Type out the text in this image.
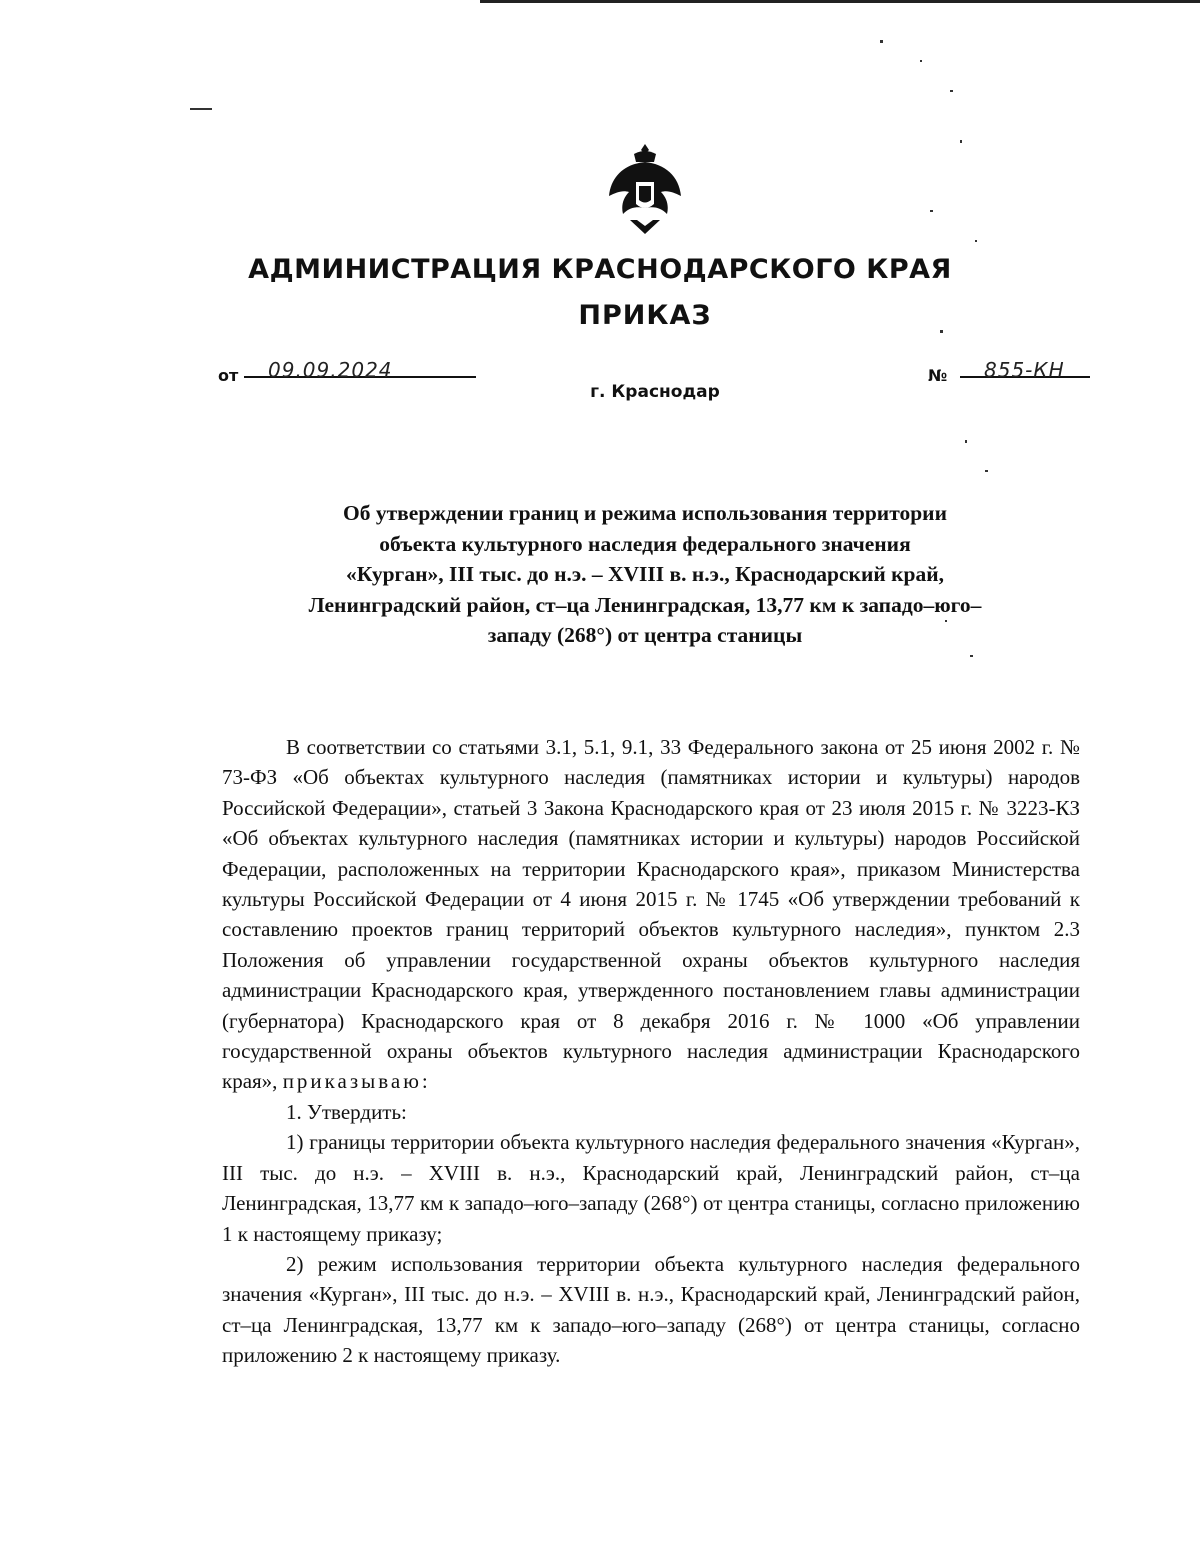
АДМИНИСТРАЦИЯ КРАСНОДАРСКОГО КРАЯ
ПРИКАЗ
от 09.09.2024
г. Краснодар
№ 855-КН
Об утверждении границ и режима использования территории
объекта культурного наследия федерального значения
«Курган», III тыс. до н.э. – XVIII в. н.э., Краснодарский край,
Ленинградский район, ст–ца Ленинградская, 13,77 км к западо–юго–
западу (268°) от центра станицы

В соответствии со статьями 3.1, 5.1, 9.1, 33 Федерального закона от 25 июня 2002 г. № 73-ФЗ «Об объектах культурного наследия (памятниках истории и культуры) народов Российской Федерации», статьей 3 Закона Краснодарского края от 23 июля 2015 г. № 3223-КЗ «Об объектах культурного наследия (памятниках истории и культуры) народов Российской Федерации, расположенных на территории Краснодарского края», приказом Министерства культуры Российской Федерации от 4 июня 2015 г. № 1745 «Об утверждении требований к составлению проектов границ территорий объектов культурного наследия», пунктом 2.3 Положения об управлении государственной охраны объектов культурного наследия администрации Краснодарского края, утвержденного постановлением главы администрации (губернатора) Краснодарского края от 8 декабря 2016 г. № 1000 «Об управлении государственной охраны объектов культурного наследия администрации Краснодарского края», приказываю:

1. Утвердить:

1) границы территории объекта культурного наследия федерального значения «Курган», III тыс. до н.э. – XVIII в. н.э., Краснодарский край, Ленинградский район, ст–ца Ленинградская, 13,77 км к западо–юго–западу (268°) от центра станицы, согласно приложению 1 к настоящему приказу;

2) режим использования территории объекта культурного наследия федерального значения «Курган», III тыс. до н.э. – XVIII в. н.э., Краснодарский край, Ленинградский район, ст–ца Ленинградская, 13,77 км к западо–юго–западу (268°) от центра станицы, согласно приложению 2 к настоящему приказу.
